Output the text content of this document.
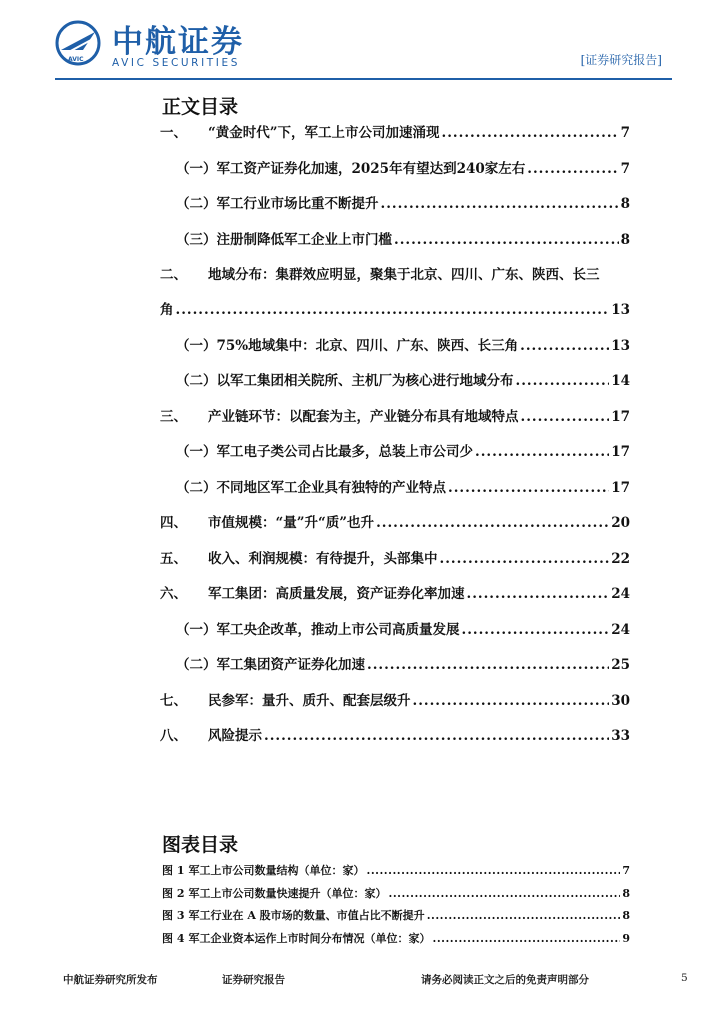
AVIC 中航证券
AVIC SECURITIES	[证券研究报告]
正文目录
一、	“黄金时代”下，军工上市公司加速涌现 .....	7
（一） 军工资产证券化加速，2025年有望达到240家左右 .....	7
（二） 军工行业市场比重不断提升 .....	8
（三） 注册制降低军工企业上市门槛 .....	8
二、	地域分布：集群效应明显，聚集于北京、四川、广东、陕西、长三
角 .....	13
（一） 75%地域集中：北京、四川、广东、陕西、长三角 .....	13
（二） 以军工集团相关院所、主机厂为核心进行地域分布 .....	14
三、	产业链环节：以配套为主，产业链分布具有地域特点 .....	17
（一） 军工电子类公司占比最多，总装上市公司少 .....	17
（二） 不同地区军工企业具有独特的产业特点 .....	17
四、	市值规模：“量”升“质”也升 .....	20
五、	收入、利润规模：有待提升，头部集中 .....	22
六、	军工集团：高质量发展，资产证券化率加速 .....	24
（一） 军工央企改革，推动上市公司高质量发展 .....	24
（二） 军工集团资产证券化加速 .....	25
七、	民参军：量升、质升、配套层级升 .....	30
八、	风险提示 .....	33
图表目录
图 1 军工上市公司数量结构（单位：家） .....	7
图 2 军工上市公司数量快速提升（单位：家） .....	8
图 3 军工行业在 A 股市场的数量、市值占比不断提升 .....	8
图 4 军工企业资本运作上市时间分布情况（单位：家） .....	9
中航证券研究所发布	证券研究报告	请务必阅读正文之后的免责声明部分	5
